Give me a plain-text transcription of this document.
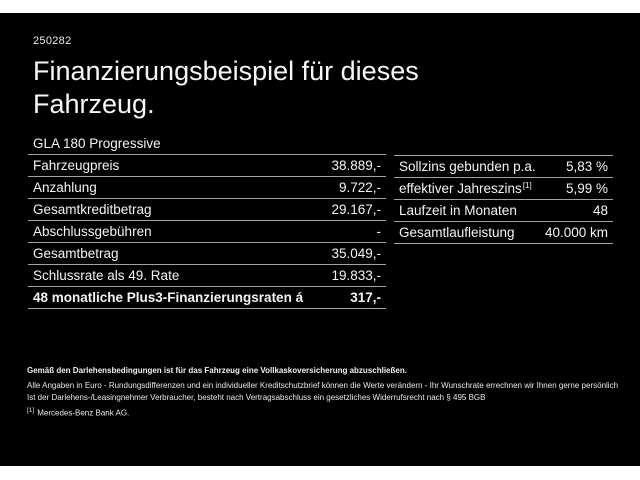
250282
Finanzierungsbeispiel für dieses
Fahrzeug.
GLA 180 Progressive
Fahrzeugpreis	38.889,-
Anzahlung	9.722,-
Gesamtkreditbetrag	29.167,-
Abschlussgebühren	-
Gesamtbetrag	35.049,-
Schlussrate als 49. Rate	19.833,-
48 monatliche Plus3-Finanzierungsraten á	317,-
Sollzins gebunden p.a. 5,83 %
effektiver Jahreszins[1]	5,99 %
Laufzeit in Monaten	48
Gesamtlaufleistung 40.000 km
Gemäß den Darlehensbedingungen ist für das Fahrzeug eine Vollkaskoversicherung abzuschließen.
Alle Angaben in Euro - Rundungsdifferenzen und ein individueller Kreditschutzbrief können die Werte verändern - Ihr Wunschrate errechnen wir Ihnen gerne persönlich
Ist der Darlehens-/Leasingnehmer Verbraucher, besteht nach Vertragsabschluss ein gesetzliches Widerrufsrecht nach § 495 BGB
[1] Mercedes-Benz Bank AG.
